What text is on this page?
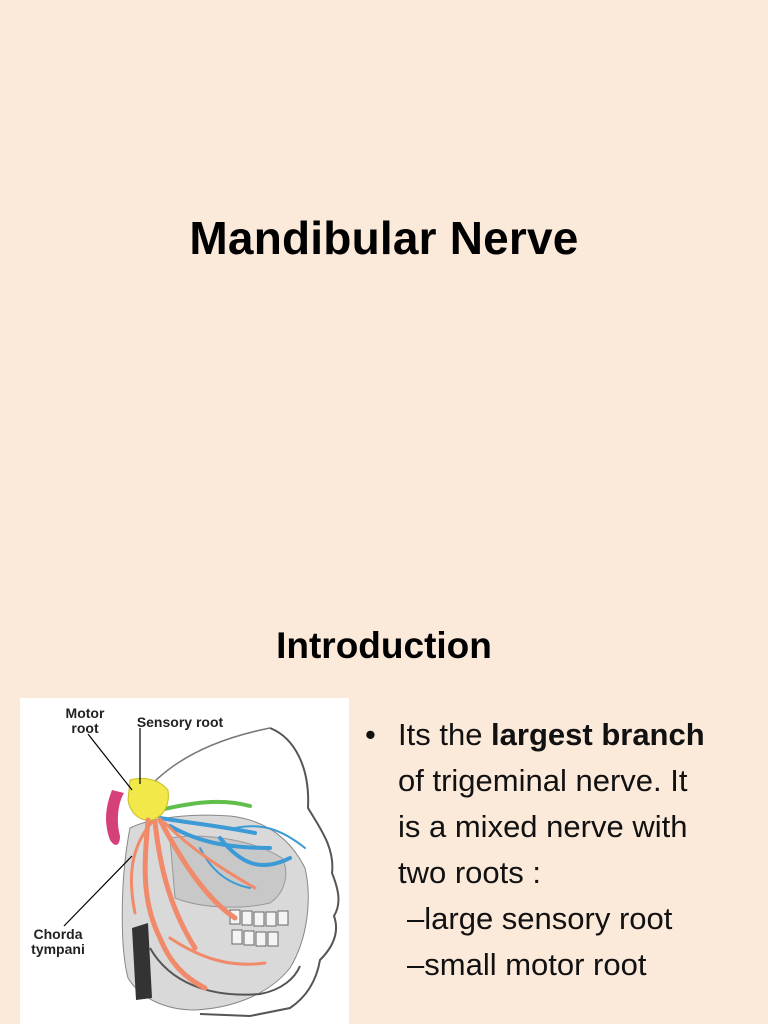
Mandibular Nerve
Introduction
Motor
root	Sensory root
Chorda
tympani
• Its the largest branch
of trigeminal nerve. It
is a mixed nerve with
two roots :
–large sensory root
–small motor root
